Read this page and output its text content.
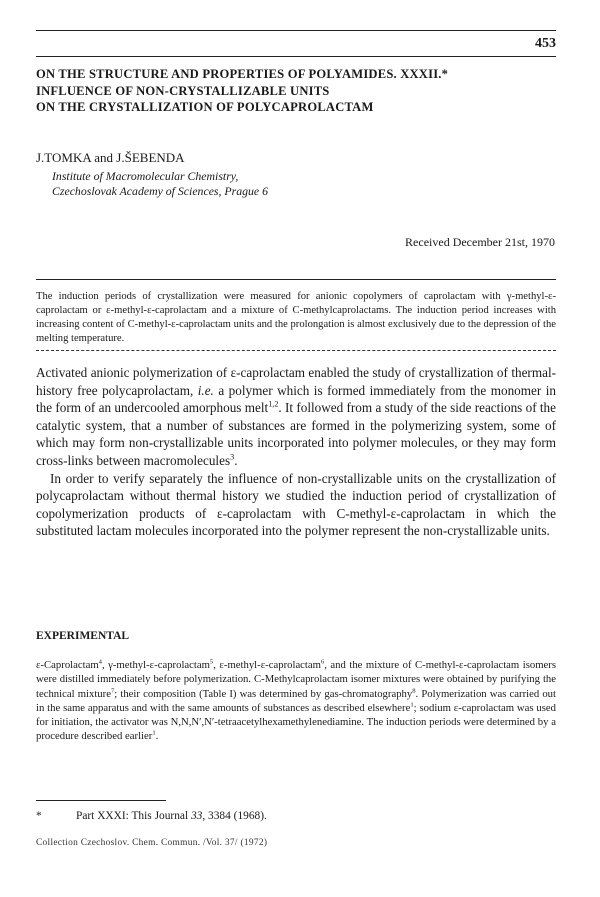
453
ON THE STRUCTURE AND PROPERTIES OF POLYAMIDES. XXXII.*
INFLUENCE OF NON-CRYSTALLIZABLE UNITS
ON THE CRYSTALLIZATION OF POLYCAPROLACTAM
J.TOMKA and J.ŠEBENDA
Institute of Macromolecular Chemistry,
Czechoslovak Academy of Sciences, Prague 6
Received December 21st, 1970
The induction periods of crystallization were measured for anionic copolymers of caprolactam with γ-methyl-ε-caprolactam or ε-methyl-ε-caprolactam and a mixture of C-methylcaprolactams. The induction period increases with increasing content of C-methyl-ε-caprolactam units and the prolongation is almost exclusively due to the depression of the melting temperature.

Activated anionic polymerization of ε-caprolactam enabled the study of crystallization of thermal-history free polycaprolactam, i.e. a polymer which is formed immediately from the monomer in the form of an undercooled amorphous melt$^{1,2}$. It followed from a study of the side reactions of the catalytic system, that a number of substances are formed in the polymerizing system, some of which may form non-crystallizable units incorporated into polymer molecules, or they may form cross-links between macromolecules$^3$.

In order to verify separately the influence of non-crystallizable units on the crystallization of polycaprolactam without thermal history we studied the induction period of crystallization of copolymerization products of ε-caprolactam with C-methyl-ε-caprolactam in which the substituted lactam molecules incorporated into the polymer represent the non-crystallizable units.

EXPERIMENTAL
ε-Caprolactam$^4$, γ-methyl-ε-caprolactam$^5$, ε-methyl-ε-caprolactam$^6$, and the mixture of C-methyl-ε-caprolactam isomers were distilled immediately before polymerization. C-Methylcaprolactam isomer mixtures were obtained by purifying the technical mixture$^7$; their composition (Table I) was determined by gas-chromatography$^8$. Polymerization was carried out in the same apparatus and with the same amounts of substances as described elsewhere$^1$; sodium ε-caprolactam was used for initiation, the activator was N,N,N′,N′-tetraacetylhexamethylenediamine. The induction periods were determined by a procedure described earlier$^1$.
*	Part XXXI: This Journal 33, 3384 (1968).
Collection Czechoslov. Chem. Commun. /Vol. 37/ (1972)
